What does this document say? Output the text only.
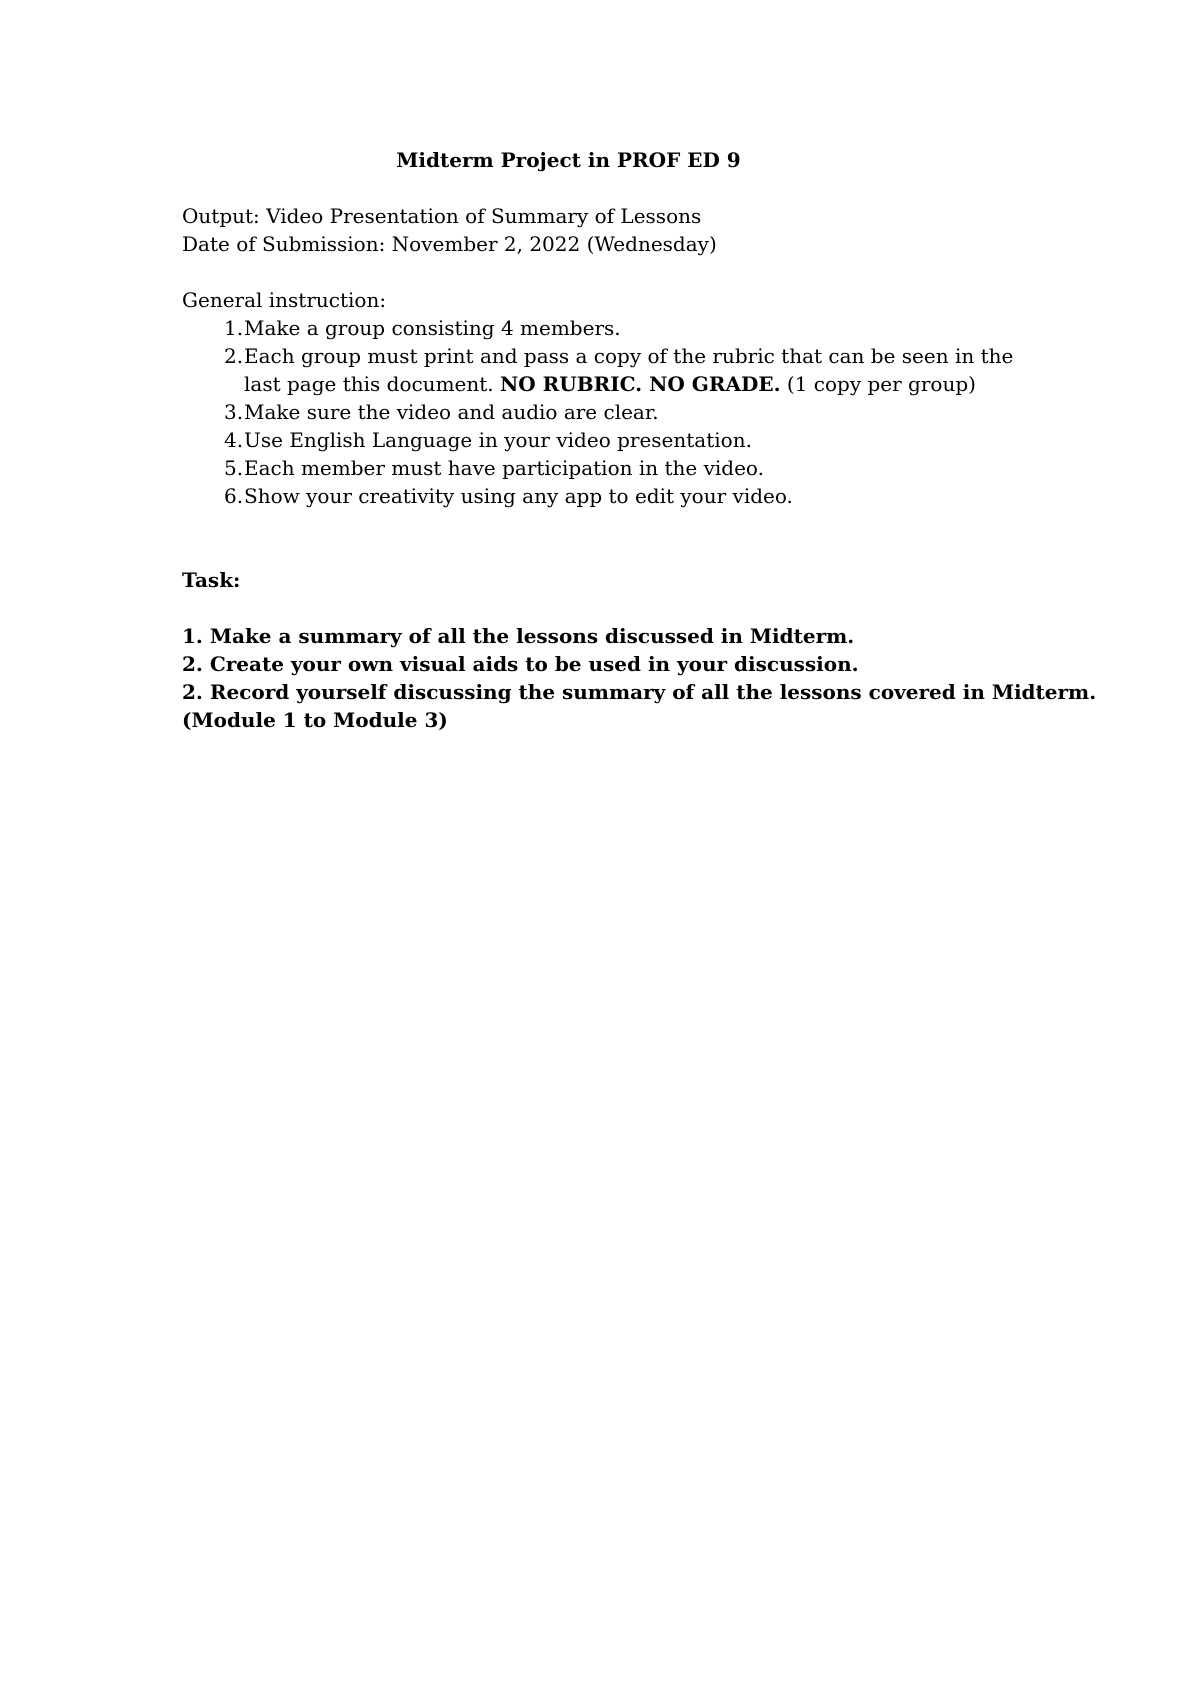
Midterm Project in PROF ED 9

Output: Video Presentation of Summary of Lessons

Date of Submission: November 2, 2022 (Wednesday)

General instruction:

1.Make a group consisting 4 members.
2.Each group must print and pass a copy of the rubric that can be seen in the last page this document. NO RUBRIC. NO GRADE. (1 copy per group)
3.Make sure the video and audio are clear.
4.Use English Language in your video presentation.
5.Each member must have participation in the video.
6.Show your creativity using any app to edit your video.

Task:

1. Make a summary of all the lessons discussed in Midterm.

2. Create your own visual aids to be used in your discussion.

2. Record yourself discussing the summary of all the lessons covered in Midterm.

(Module 1 to Module 3)
